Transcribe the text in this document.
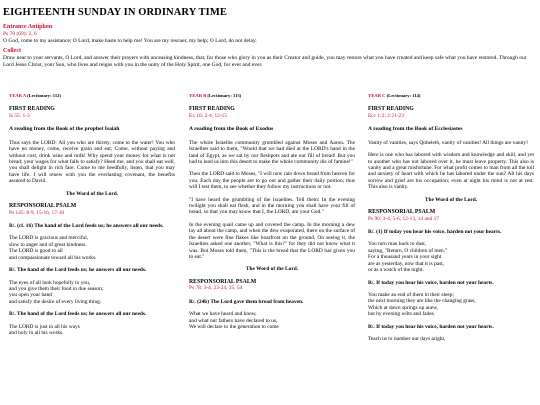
EIGHTEENTH SUNDAY IN ORDINARY TIME
Entrance Antiphon
Ps 70 (69): 2, 6

O God, come to my assistance; O Lord, make haste to help me! You are my rescuer, my help; O Lord, do not delay.

Collect

Draw near to your servants, O Lord, and answer their prayers with unceasing kindness, that, for those who glory in you as their Creator and guide, you may restore what you have created and keep safe what you have restored. Through our Lord Jesus Christ, your Son, who lives and reigns with you in the unity of the Holy Spirit, one God, for ever and ever.

YEAR A (Lectionary: 112)
FIRST READING
Is 55: 1-3
A reading from the Book of the prophet Isaiah

Thus says the LORD: All you who are thirsty, come to the water! You who have no money, come, receive grain and eat; Come, without paying and without cost, drink wine and milk! Why spend your money for what is not bread; your wages for what fails to satisfy? Heed me, and you shall eat well, you shall delight in rich fare. Come to me heedfully, listen, that you may have life. I will renew with you the everlasting covenant, the benefits assured to David.

The Word of the Lord.
RESPONSORIAL PSALM
Ps 145: 8-9, 15-16, 17-18
R/. (cf. 16) The hand of the Lord feeds us; he answers all our needs.
The LORD is gracious and merciful,
slow to anger and of great kindness.
The LORD is good to all
and compassionate toward all his works.
R/. The hand of the Lord feeds us; he answers all our needs.
The eyes of all look hopefully to you,
and you give them their food in due season;
you open your hand
and satisfy the desire of every living thing.
R/. The hand of the Lord feeds us; he answers all our needs.
The LORD is just in all his ways
and holy in all his works.
YEAR B (Lectionary: 113)
FIRST READING
Ex 16: 2-4, 12-15
A reading from the Book of Exodus

The whole Israelite community grumbled against Moses and Aaron. The Israelites said to them, "Would that we had died at the LORD's hand in the land of Egypt, as we sat by our fleshpots and ate our fill of bread! But you had to lead us into this desert to make the whole community die of famine!"

Then the LORD said to Moses, "I will now rain down bread from heaven for you. Each day the people are to go out and gather their daily portion; thus will I test them, to see whether they follow my instructions or not.

"I have heard the grumbling of the Israelites. Tell them: In the evening twilight you shall eat flesh, and in the morning you shall have your fill of bread, so that you may know that I, the LORD, am your God."

In the evening quail came up and covered the camp. In the morning a dew lay all about the camp, and when the dew evaporated, there on the surface of the desert were fine flakes like hoarfrost on the ground. On seeing it, the Israelites asked one another, "What is this?" for they did not know what it was. But Moses told them, "This is the bread that the LORD has given you to eat."

The Word of the Lord.
RESPONSORIAL PSALM
Ps 78: 3-4, 23-24, 25, 54
R/. (24b) The Lord gave them bread from heaven.
What we have heard and know,
and what our fathers have declared to us,
We will declare to the generation to come
YEAR C (Lectionary: 114)
FIRST READING
Ecc 1:2; 2:21-23
A reading from the Book of Ecclesiastes

Vanity of vanities, says Qoheleth, vanity of vanities! All things are vanity!

Here is one who has labored with wisdom and knowledge and skill, and yet to another who has not labored over it, he must leave property. This also is vanity and a great misfortune. For what profit comes to man from all the toil and anxiety of heart with which he has labored under the sun? All his days sorrow and grief are his occupation; even at night his mind is not at rest. This also is vanity.

The Word of the Lord.
RESPONSORIAL PSALM
Ps 90: 3-4, 5-6, 12-13, 14 and 17
R/. (1) If today you hear his voice, harden not your hearts.
You turn man back to dust,
saying, "Return, O children of men."
For a thousand years in your sight
are as yesterday, now that it is past,
or as a watch of the night.
R/. If today you hear his voice, harden not your hearts.
You make an end of them in their sleep;
the next morning they are like the changing grass,
Which at dawn springs up anew,
but by evening wilts and fades.
R/. If today you hear his voice, harden not your hearts.
Teach us to number our days aright,
